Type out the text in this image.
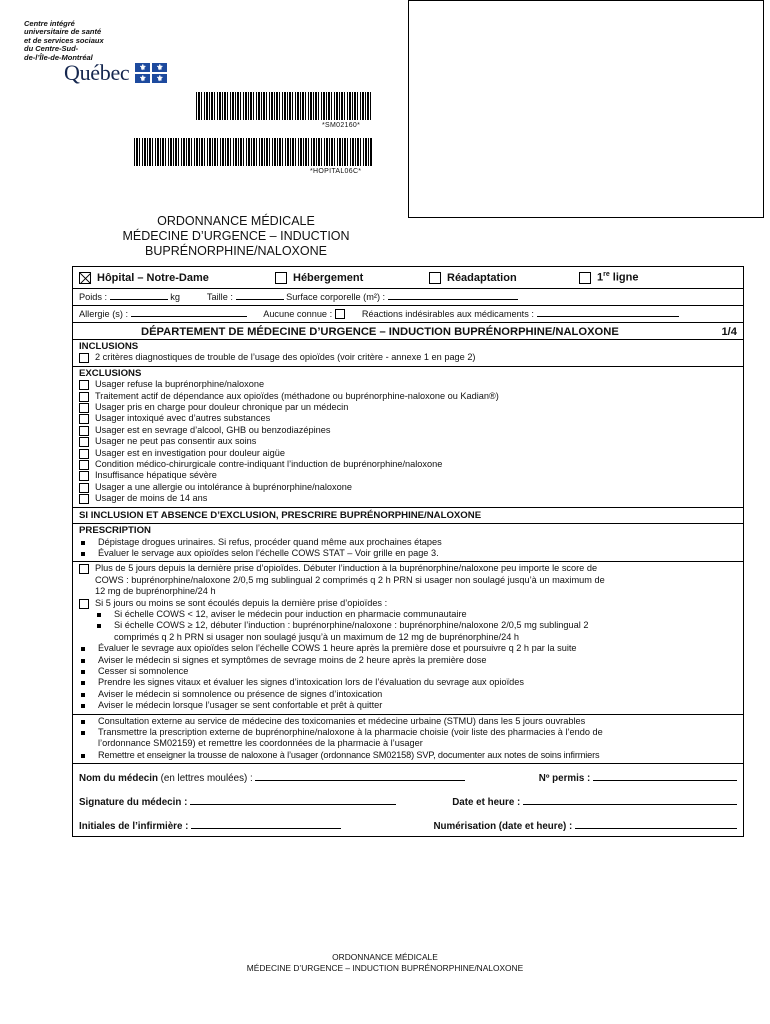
Centre intégré
universitaire de santé
et de services sociaux
du Centre-Sud-
de-l’Île-de-Montréal
Québec	⚜	⚜
⚜	⚜
*SM02160*
*HOPITAL06C*
ORDONNANCE MÉDICALE
MÉDECINE D’URGENCE – INDUCTION
BUPRÉNORPHINE/NALOXONE
Hôpital – Notre-Dame	Hébergement	Réadaptation	1re ligne
Poids :	kg	Taille :	Surface corporelle (m²) :
Allergie (s) :	Aucune connue :	Réactions indésirables aux médicaments :
DÉPARTEMENT DE MÉDECINE D’URGENCE – INDUCTION BUPRÉNORPHINE/NALOXONE	1/4
INCLUSIONS
2 critères diagnostiques de trouble de l’usage des opioïdes (voir critère - annexe 1 en page 2)
EXCLUSIONS
Usager refuse la buprénorphine/naloxone
Traitement actif de dépendance aux opioïdes (méthadone ou buprénorphine-naloxone ou Kadian®)
Usager pris en charge pour douleur chronique par un médecin
Usager intoxiqué avec d’autres substances
Usager est en sevrage d’alcool, GHB ou benzodiazépines
Usager ne peut pas consentir aux soins
Usager est en investigation pour douleur aigüe
Condition médico-chirurgicale contre-indiquant l’induction de buprénorphine/naloxone
Insuffisance hépatique sévère
Usager a une allergie ou intolérance à buprénorphine/naloxone
Usager de moins de 14 ans
SI INCLUSION ET ABSENCE D’EXCLUSION, PRESCRIRE BUPRÉNORPHINE/NALOXONE
PRESCRIPTION
Dépistage drogues urinaires. Si refus, procéder quand même aux prochaines étapes
Évaluer le servage aux opioïdes selon l’échelle COWS STAT – Voir grille en page 3.
Plus de 5 jours depuis la dernière prise d’opioïdes. Débuter l’induction à la buprénorphine/naloxone peu importe le score de
COWS : buprénorphine/naloxone 2/0,5 mg sublingual 2 comprimés q 2 h PRN si usager non soulagé jusqu’à un maximum de
12 mg de buprénorphine/24 h
Si 5 jours ou moins se sont écoulés depuis la dernière prise d’opioïdes :
Si échelle COWS < 12, aviser le médecin pour induction en pharmacie communautaire
Si échelle COWS ≥ 12, débuter l’induction : buprénorphine/naloxone : buprénorphine/naloxone 2/0,5 mg sublingual 2
comprimés q 2 h PRN si usager non soulagé jusqu’à un maximum de 12 mg de buprénorphine/24 h
Évaluer le sevrage aux opioïdes selon l’échelle COWS 1 heure après la première dose et poursuivre q 2 h par la suite
Aviser le médecin si signes et symptômes de sevrage moins de 2 heure après la première dose
Cesser si somnolence
Prendre les signes vitaux et évaluer les signes d’intoxication lors de l’évaluation du sevrage aux opioïdes
Aviser le médecin si somnolence ou présence de signes d’intoxication
Aviser le médecin lorsque l’usager se sent confortable et prêt à quitter
Consultation externe au service de médecine des toxicomanies et médecine urbaine (STMU) dans les 5 jours ouvrables
Transmettre la prescription externe de buprénorphine/naloxone à la pharmacie choisie (voir liste des pharmacies à l’endo de
l’ordonnance SM02159) et remettre les coordonnées de la pharmacie à l’usager
Remettre et enseigner la trousse de naloxone à l’usager (ordonnance SM02158) SVP, documenter aux notes de soins infirmiers
Nom du médecin (en lettres moulées) :	Nº permis :
Signature du médecin :	Date et heure :
Initiales de l’infirmière :	Numérisation (date et heure) :
ORDONNANCE MÉDICALE
MÉDECINE D’URGENCE – INDUCTION BUPRÉNORPHINE/NALOXONE
